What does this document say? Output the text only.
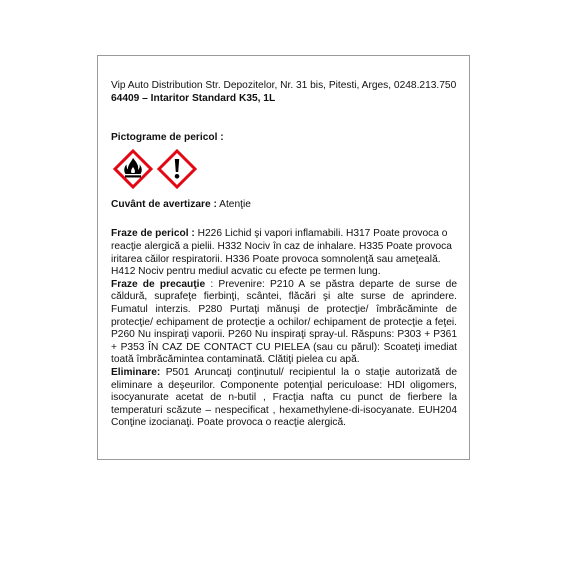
Vip Auto Distribution Str. Depozitelor, Nr. 31 bis, Pitesti, Arges, 0248.213.750

64409 – Intaritor Standard K35, 1L

Pictograme de pericol :

Cuvânt de avertizare : Atenţie

Fraze de pericol : H226 Lichid şi vapori inflamabili. H317 Poate provoca o reacţie alergică a pielii. H332 Nociv în caz de inhalare. H335 Poate provoca iritarea căilor respiratorii. H336 Poate provoca somnolenţă sau ameţeală. H412 Nociv pentru mediul acvatic cu efecte pe termen lung.

Fraze de precauţie : Prevenire: P210 A se păstra departe de surse de căldură, suprafeţe fierbinţi, scântei, flăcări şi alte surse de aprindere. Fumatul interzis. P280 Purtaţi mănuşi de protecţie/ îmbrăcăminte de protecţie/ echipament de protecţie a ochilor/ echipament de protecţie a feţei. P260 Nu inspiraţi vaporii. P260 Nu inspiraţi spray-ul. Răspuns: P303 + P361 + P353 ÎN CAZ DE CONTACT CU PIELEA (sau cu părul): Scoateţi imediat toată îmbrăcămintea contaminată. Clătiţi pielea cu apă.

Eliminare: P501 Aruncaţi conţinutul/ recipientul la o staţie autorizată de eliminare a deşeurilor. Componente potenţial periculoase: HDI oligomers, isocyanurate acetat de n-butil , Fracţia nafta cu punct de fierbere la temperaturi scăzute – nespecificat , hexamethylene-di-isocyanate. EUH204 Conţine izocianaţi. Poate provoca o reacţie alergică.
